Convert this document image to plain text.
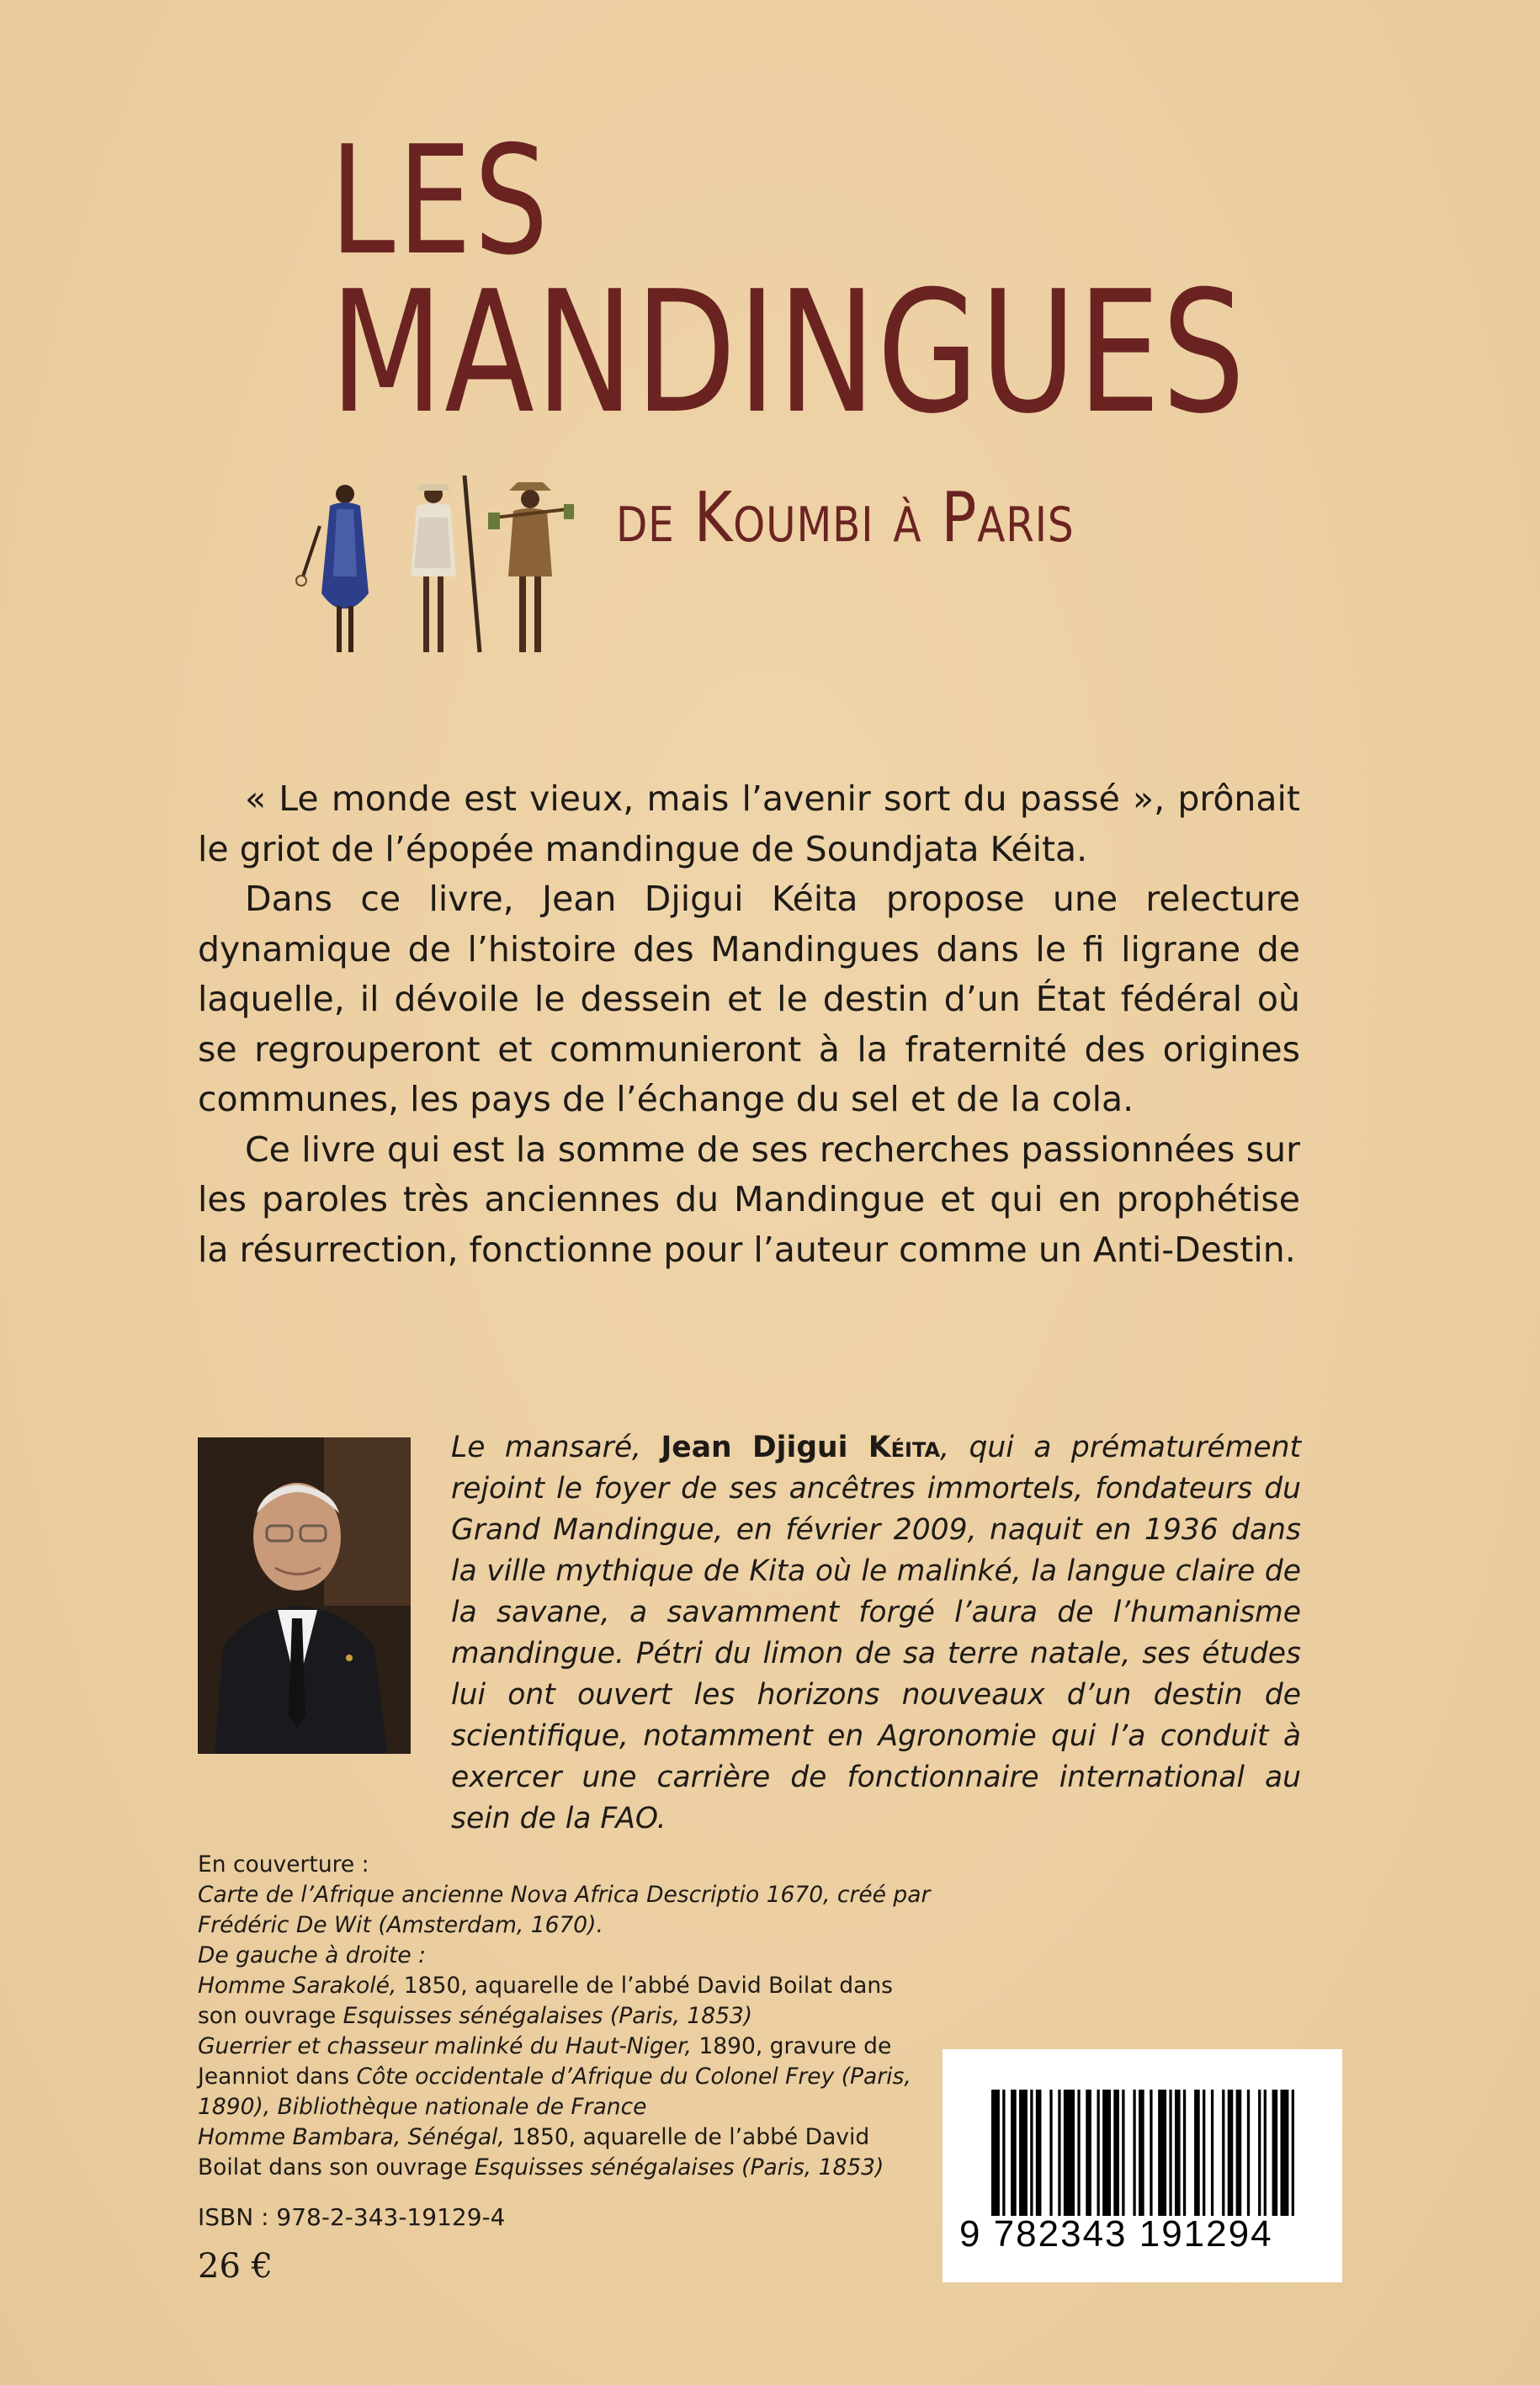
LES
MANDINGUES
de Koumbi à Paris

« Le monde est vieux, mais l’avenir sort du passé », prônait le griot de l’épopée mandingue de Soundjata Kéita.

Dans ce livre, Jean Djigui Kéita propose une relecture dynamique de l’histoire des Mandingues dans le fi ligrane de laquelle, il dévoile le dessein et le destin d’un État fédéral où se regrouperont et communieront à la fraternité des origines communes, les pays de l’échange du sel et de la cola.

Ce livre qui est la somme de ses recherches passionnées sur les paroles très anciennes du Mandingue et qui en prophétise la résurrection, fonctionne pour l’auteur comme un Anti-Destin.

Le mansaré, Jean Djigui Kéita, qui a prématurément rejoint le foyer de ses ancêtres immortels, fondateurs du Grand Mandingue, en février 2009, naquit en 1936 dans la ville mythique de Kita où le malinké, la langue claire de la savane, a savamment forgé l’aura de l’humanisme mandingue. Pétri du limon de sa terre natale, ses études lui ont ouvert les horizons nouveaux d’un destin de scientifique, notamment en Agronomie qui l’a conduit à exercer une carrière de fonctionnaire international au sein de la FAO.
En couverture :
Carte de l’Afrique ancienne Nova Africa Descriptio 1670, créé par
Frédéric De Wit (Amsterdam, 1670).
De gauche à droite :
Homme Sarakolé, 1850, aquarelle de l’abbé David Boilat dans
son ouvrage Esquisses sénégalaises (Paris, 1853)
Guerrier et chasseur malinké du Haut-Niger, 1890, gravure de
Jeanniot dans Côte occidentale d’Afrique du Colonel Frey (Paris,
1890), Bibliothèque nationale de France
Homme Bambara, Sénégal, 1850, aquarelle de l’abbé David
Boilat dans son ouvrage Esquisses sénégalaises (Paris, 1853)
ISBN : 978-2-343-19129-4
26 €
9 782343 191294
